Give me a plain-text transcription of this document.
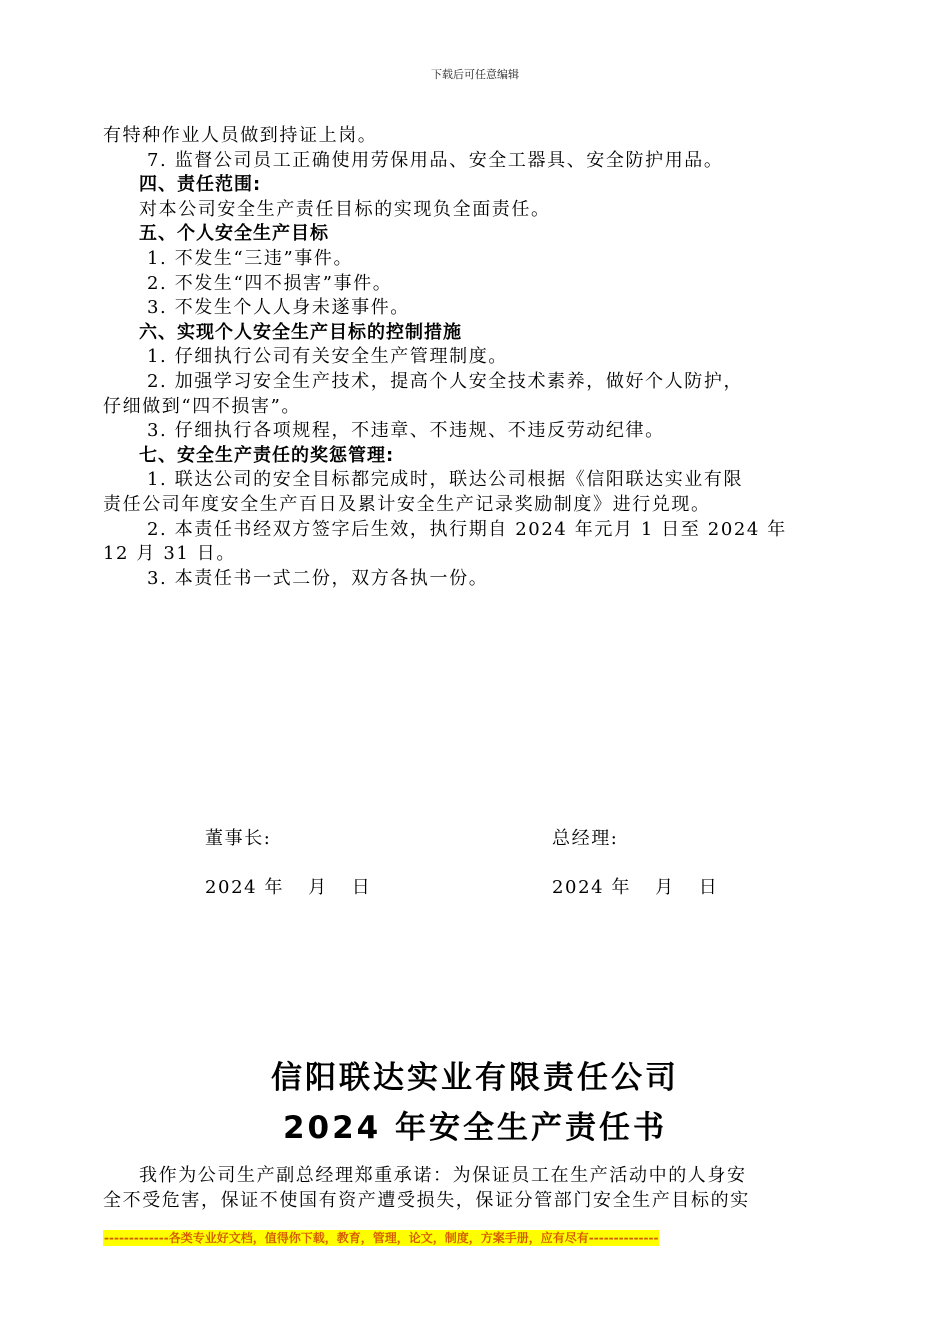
下载后可任意编辑
有特种作业人员做到持证上岗。
7. 监督公司员工正确使用劳保用品、安全工器具、安全防护用品。
四、责任范围:
对本公司安全生产责任目标的实现负全面责任。
五、个人安全生产目标
1. 不发生“三违”事件。
2. 不发生“四不损害”事件。
3. 不发生个人人身未遂事件。
六、实现个人安全生产目标的控制措施
1. 仔细执行公司有关安全生产管理制度。
2. 加强学习安全生产技术，提高个人安全技术素养，做好个人防护，
仔细做到“四不损害”。
3. 仔细执行各项规程，不违章、不违规、不违反劳动纪律。
七、安全生产责任的奖惩管理:
1. 联达公司的安全目标都完成时，联达公司根据《信阳联达实业有限
责任公司年度安全生产百日及累计安全生产记录奖励制度》进行兑现。
2. 本责任书经双方签字后生效，执行期自 2024 年元月 1 日至 2024 年
12 月 31 日。
3. 本责任书一式二份，双方各执一份。
董事长:	总经理:
2024 年 月 日	2024 年 月 日
信阳联达实业有限责任公司
2024 年安全生产责任书
我作为公司生产副总经理郑重承诺：为保证员工在生产活动中的人身安
全不受危害，保证不使国有资产遭受损失，保证分管部门安全生产目标的实
-------------各类专业好文档，值得你下载，教育，管理，论文，制度，方案手册，应有尽有--------------
